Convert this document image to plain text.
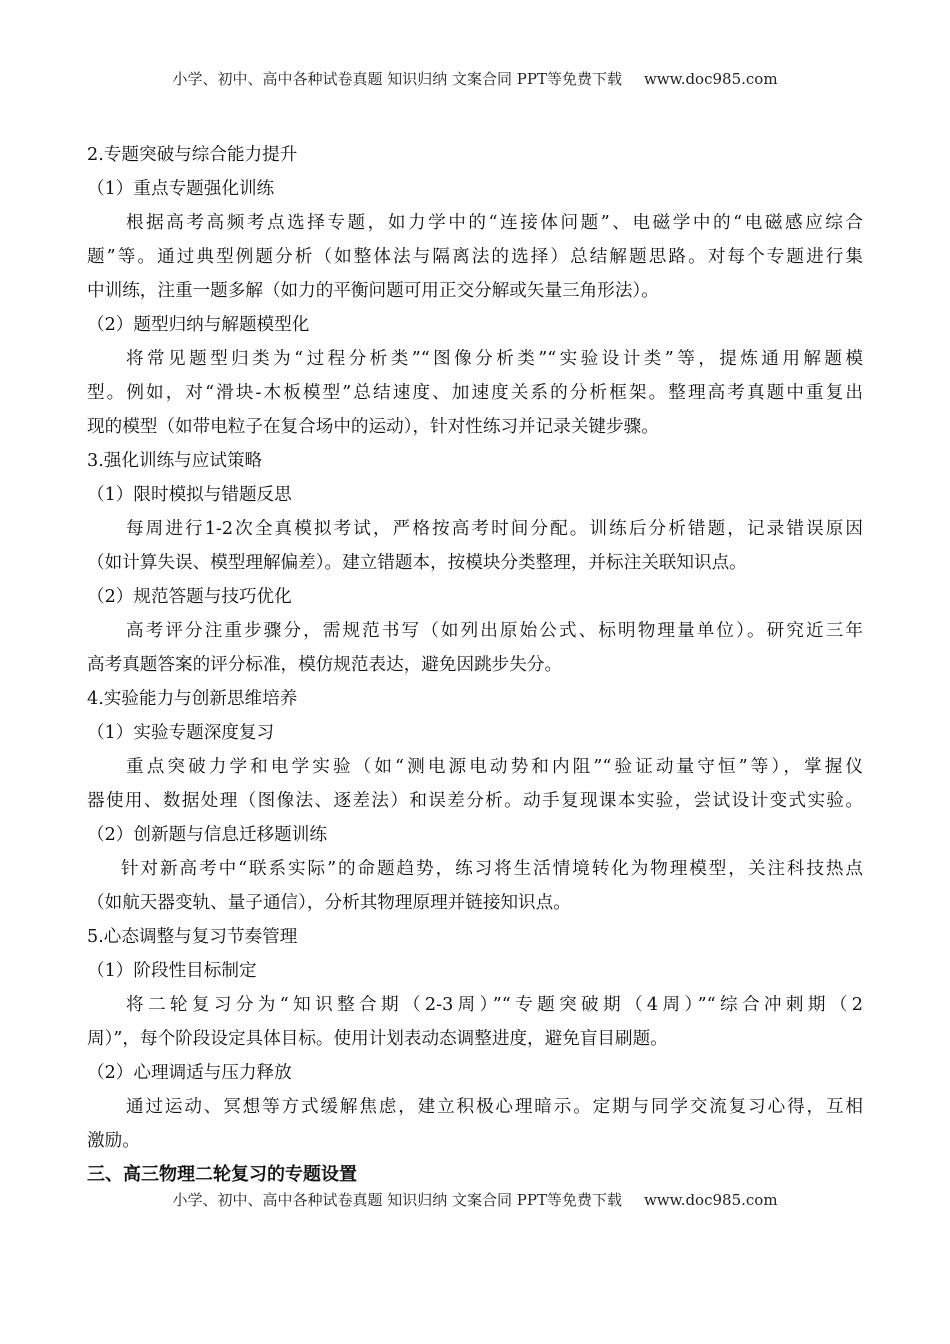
小学、初中、高中各种试卷真题 知识归纳 文案合同 PPT等免费下载 www.doc985.com
2.专题突破与综合能力提升
（1）重点专题强化训练
根据高考高频考点选择专题，如力学中的“连接体问题”、电磁学中的“电磁感应综合
题”等。通过典型例题分析（如整体法与隔离法的选择）总结解题思路。对每个专题进行集
中训练，注重一题多解（如力的平衡问题可用正交分解或矢量三角形法）。
（2）题型归纳与解题模型化
将常见题型归类为“过程分析类”“图像分析类”“实验设计类”等，提炼通用解题模
型。例如，对“滑块-木板模型”总结速度、加速度关系的分析框架。整理高考真题中重复出
现的模型（如带电粒子在复合场中的运动），针对性练习并记录关键步骤。
3.强化训练与应试策略
（1）限时模拟与错题反思
每周进行1-2次全真模拟考试，严格按高考时间分配。训练后分析错题，记录错误原因
（如计算失误、模型理解偏差）。建立错题本，按模块分类整理，并标注关联知识点。
（2）规范答题与技巧优化
高考评分注重步骤分，需规范书写（如列出原始公式、标明物理量单位）。研究近三年
高考真题答案的评分标准，模仿规范表达，避免因跳步失分。
4.实验能力与创新思维培养
（1）实验专题深度复习
重点突破力学和电学实验（如“测电源电动势和内阻”“验证动量守恒”等），掌握仪
器使用、数据处理（图像法、逐差法）和误差分析。动手复现课本实验，尝试设计变式实验。
（2）创新题与信息迁移题训练
针对新高考中“联系实际”的命题趋势，练习将生活情境转化为物理模型，关注科技热点
（如航天器变轨、量子通信），分析其物理原理并链接知识点。
5.心态调整与复习节奏管理
（1）阶段性目标制定
将二轮复习分为“知识整合期（2-3周）”“专题突破期（4周）”“综合冲刺期（2
周）”，每个阶段设定具体目标。使用计划表动态调整进度，避免盲目刷题。
（2）心理调适与压力释放
通过运动、冥想等方式缓解焦虑，建立积极心理暗示。定期与同学交流复习心得，互相
激励。
三、高三物理二轮复习的专题设置
小学、初中、高中各种试卷真题 知识归纳 文案合同 PPT等免费下载 www.doc985.com
